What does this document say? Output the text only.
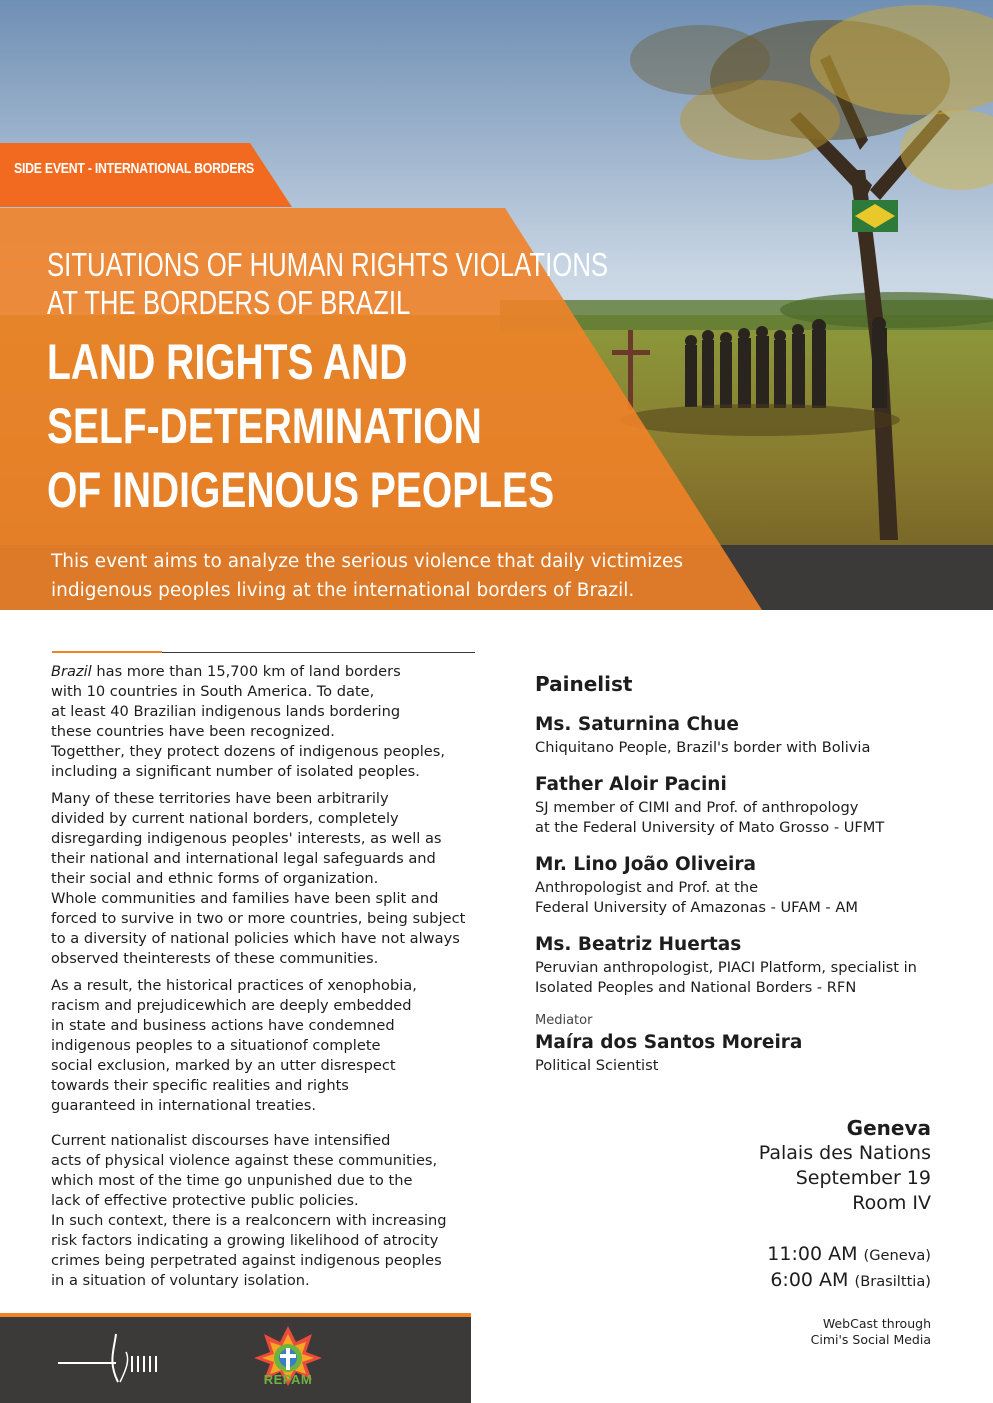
SIDE EVENT - INTERNATIONAL BORDERS
SITUATIONS OF HUMAN RIGHTS VIOLATIONS
AT THE BORDERS OF BRAZIL
LAND RIGHTS AND
SELF-DETERMINATION
OF INDIGENOUS PEOPLES
This event aims to analyze the serious violence that daily victimizes
indigenous peoples living at the international borders of Brazil.

Brazil has more than 15,700 km of land borders
with 10 countries in South America. To date,
at least 40 Brazilian indigenous lands bordering
these countries have been recognized.
Togetther, they protect dozens of indigenous peoples,
including a significant number of isolated peoples.

Many of these territories have been arbitrarily
divided by current national borders, completely
disregarding indigenous peoples' interests, as well as
their national and international legal safeguards and
their social and ethnic forms of organization.
Whole communities and families have been split and
forced to survive in two or more countries, being subject
to a diversity of national policies which have not always
observed theinterests of these communities.

As a result, the historical practices of xenophobia,
racism and prejudicewhich are deeply embedded
in state and business actions have condemned
indigenous peoples to a situationof complete
social exclusion, marked by an utter disrespect
towards their specific realities and rights
guaranteed in international treaties.

Current nationalist discourses have intensified
acts of physical violence against these communities,
which most of the time go unpunished due to the
lack of effective protective public policies.
In such context, there is a realconcern with increasing
risk factors indicating a growing likelihood of atrocity
crimes being perpetrated against indigenous peoples
in a situation of voluntary isolation.

Painelist
Ms. Saturnina Chue
Chiquitano People, Brazil's border with Bolivia
Father Aloir Pacini
SJ member of CIMI and Prof. of anthropology
at the Federal University of Mato Grosso - UFMT
Mr. Lino João Oliveira
Anthropologist and Prof. at the
Federal University of Amazonas - UFAM - AM
Ms. Beatriz Huertas
Peruvian anthropologist, PIACI Platform, specialist in
Isolated Peoples and National Borders - RFN
Mediator
Maíra dos Santos Moreira
Political Scientist
Geneva
Palais des Nations
September 19
Room IV
11:00 AM (Geneva)
6:00 AM (Brasilttia)
WebCast through
Cimi's Social Media
REPAM
